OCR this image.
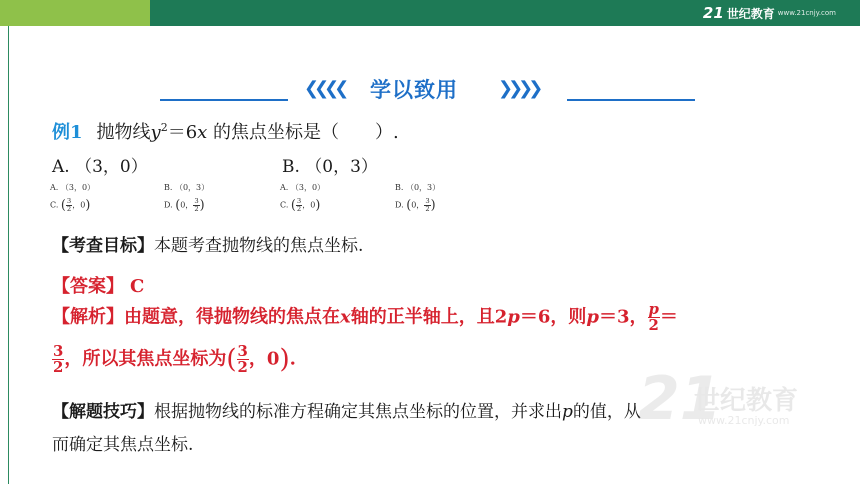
21 世纪教育 www.21cnjy.com
❮❮❮❮ 学以致用 ❯❯❯❯
例1 抛物线$y^2=6x$ 的焦点坐标是（　　）.
A. （3，0）	B. （0，3）
A. （3，0）	B. （0，3）	A. （3，0）	B. （0，3）
C. ( $\frac{3}{2}$ ，0)	D. (0， $\frac{3}{2}$ )	C. ( $\frac{3}{2}$ ，0)	D. (0， $\frac{3}{2}$ )
【考查目标】本题考查抛物线的焦点坐标.
【答案】 C
【解析】由题意，得抛物线的焦点在x轴的正半轴上，且2p＝6，则p＝3， $\frac{p}{2}$ ＝
$\frac{3}{2}$ ，所以其焦点坐标为( $\frac{3}{2}$ ，0).
【解题技巧】根据抛物线的标准方程确定其焦点坐标的位置，并求出p的值，从
而确定其焦点坐标.
21
世纪教育
www.21cnjy.com
